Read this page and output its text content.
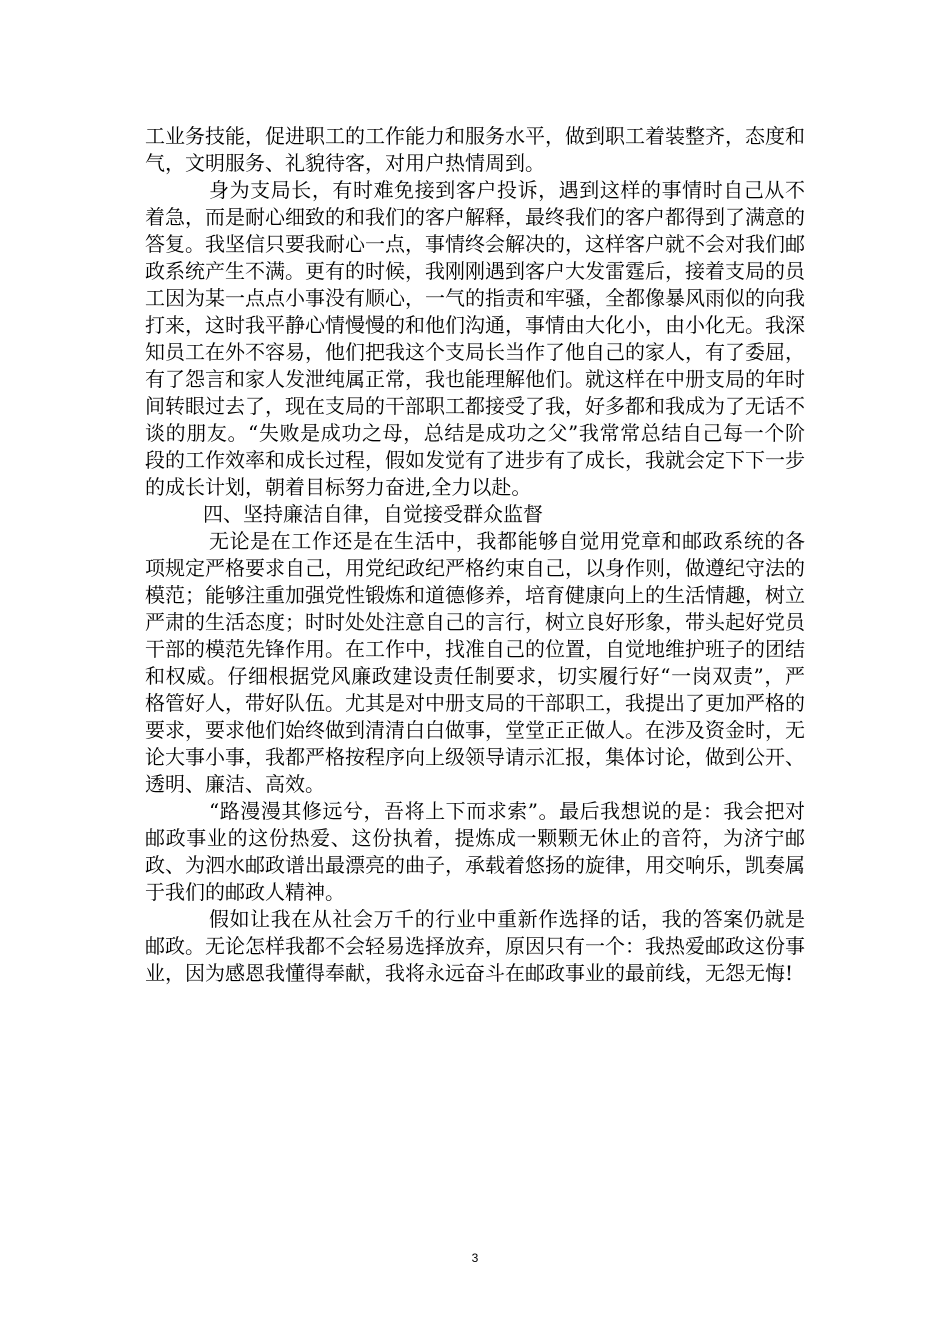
工业务技能，促进职工的工作能力和服务水平，做到职工着装整齐，态度和气，文明服务、礼貌待客，对用户热情周到。

身为支局长，有时难免接到客户投诉，遇到这样的事情时自己从不着急，而是耐心细致的和我们的客户解释，最终我们的客户都得到了满意的答复。我坚信只要我耐心一点，事情终会解决的，这样客户就不会对我们邮政系统产生不满。更有的时候，我刚刚遇到客户大发雷霆后，接着支局的员工因为某一点点小事没有顺心，一气的指责和牢骚，全都像暴风雨似的向我打来，这时我平静心情慢慢的和他们沟通，事情由大化小，由小化无。我深知员工在外不容易，他们把我这个支局长当作了他自己的家人，有了委屈，有了怨言和家人发泄纯属正常，我也能理解他们。就这样在中册支局的年时间转眼过去了，现在支局的干部职工都接受了我，好多都和我成为了无话不谈的朋友。“失败是成功之母，总结是成功之父”我常常总结自己每一个阶段的工作效率和成长过程，假如发觉有了进步有了成长，我就会定下下一步的成长计划，朝着目标努力奋进,全力以赴。

四、坚持廉洁自律，自觉接受群众监督

无论是在工作还是在生活中，我都能够自觉用党章和邮政系统的各项规定严格要求自己，用党纪政纪严格约束自己，以身作则，做遵纪守法的模范；能够注重加强党性锻炼和道德修养，培育健康向上的生活情趣，树立严肃的生活态度；时时处处注意自己的言行，树立良好形象，带头起好党员干部的模范先锋作用。在工作中，找准自己的位置，自觉地维护班子的团结和权威。仔细根据党风廉政建设责任制要求，切实履行好“一岗双责”，严格管好人，带好队伍。尤其是对中册支局的干部职工，我提出了更加严格的要求，要求他们始终做到清清白白做事，堂堂正正做人。在涉及资金时，无论大事小事，我都严格按程序向上级领导请示汇报，集体讨论，做到公开、透明、廉洁、高效。

“路漫漫其修远兮，吾将上下而求索”。最后我想说的是：我会把对邮政事业的这份热爱、这份执着，提炼成一颗颗无休止的音符，为济宁邮政、为泗水邮政谱出最漂亮的曲子，承载着悠扬的旋律，用交响乐，凯奏属于我们的邮政人精神。

假如让我在从社会万千的行业中重新作选择的话，我的答案仍就是邮政。无论怎样我都不会轻易选择放弃，原因只有一个：我热爱邮政这份事业，因为感恩我懂得奉献，我将永远奋斗在邮政事业的最前线，无怨无悔!

3
